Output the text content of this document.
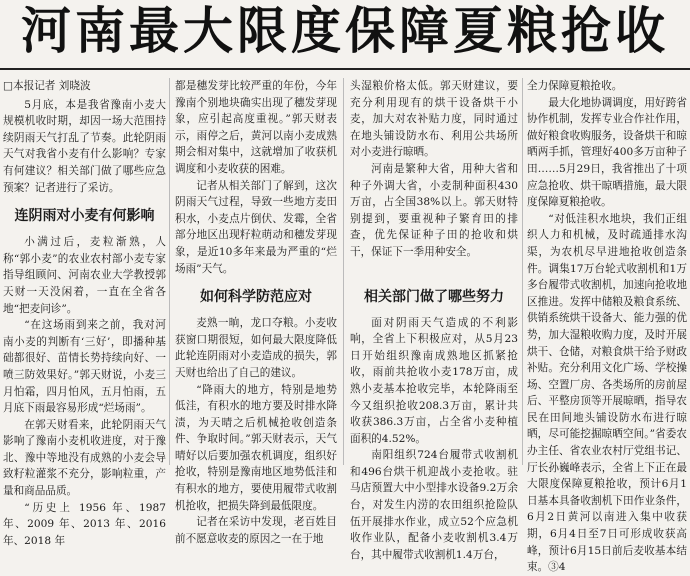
河南最大限度保障夏粮抢收
□本报记者 刘晓波

5月底，本是我省豫南小麦大规模机收时期，却因一场大范围持续阴雨天气打乱了节奏。此轮阴雨天气对我省小麦有什么影响？专家有何建议？相关部门做了哪些应急预案？记者进行了采访。

连阴雨对小麦有何影响

小满过后，麦粒渐熟，人称“郭小麦”的农业农村部小麦专家指导组顾问、河南农业大学教授郭天财一天没闲着，一直在全省各地“把麦问诊”。

“在这场雨到来之前，我对河南小麦的判断有‘三好’，即播种基础都很好、苗情长势持续向好、一喷三防效果好。”郭天财说，小麦三月怕霜，四月怕风，五月怕雨，五月底下雨最容易形成“烂场雨”。

在郭天财看来，此轮阴雨天气影响了豫南小麦机收进度，对于豫北、豫中等地没有成熟的小麦会导致籽粒灌浆不充分，影响粒重，产量和商品品质。

“历史上 1956 年、1987 年、2009 年、2013 年、2016 年、2018 年

都是穗发芽比较严重的年份，今年豫南个别地块确实出现了穗发芽现象，应引起高度重视。”郭天财表示，雨停之后，黄河以南小麦成熟期会相对集中，这就增加了收获机调度和小麦收获的困难。

记者从相关部门了解到，这次阴雨天气过程，导致一些地方麦田积水，小麦点片倒伏、发霉，全省部分地区出现籽粒萌动和穗发芽现象，是近10多年来最为严重的“烂场雨”天气。

如何科学防范应对

麦熟一晌，龙口夺粮。小麦收获窗口期很短，如何最大限度降低此轮连阴雨对小麦造成的损失，郭天财也给出了自己的建议。

“降雨大的地方，特别是地势低洼，有积水的地方要及时排水降渍，为天晴之后机械抢收创造条件、争取时间。”郭天财表示，天气晴好以后要加强农机调度，组织好抢收，特别是豫南地区地势低洼和有积水的地方，要使用履带式收割机抢收，把损失降到最低限度。

记者在采访中发现，老百姓目前不愿意收麦的原因之一在于地

头湿粮价格太低。郭天财建议，要充分利用现有的烘干设备烘干小麦，加大对农补贴力度，同时通过在地头铺设防水布、利用公共场所对小麦进行晾晒。

河南是繁种大省，用种大省和种子外调大省，小麦制种面积430万亩，占全国38%以上。郭天财特别提到，要重视种子繁育田的排查，优先保证种子田的抢收和烘干，保证下一季用种安全。

相关部门做了哪些努力

面对阴雨天气造成的不利影响，全省上下积极应对，从5月23日开始组织豫南成熟地区抓紧抢收，雨前共抢收小麦178万亩，成熟小麦基本抢收完毕，本轮降雨至今又组织抢收208.3万亩，累计共收获386.3万亩，占全省小麦种植面积的4.52%。

南阳组织724台履带式收割机和496台烘干机迎战小麦抢收。驻马店预置大中小型排水设备9.2万余台，对发生内涝的农田组织抢险队伍开展排水作业，成立52个应急机收作业队，配备小麦收割机3.4万台，其中履带式收割机1.4万台，

全力保障夏粮抢收。

最大化地协调调度，用好跨省协作机制，发挥专业合作社作用，做好粮食收购服务，设备烘干和晾晒两手抓，管理好400多万亩种子田……5月29日，我省推出了十项应急抢收、烘干晾晒措施，最大限度保障夏粮抢收。

“对低洼积水地块，我们正组织人力和机械，及时疏通排水沟渠，为农机尽早进地抢收创造条件。调集17万台轮式收割机和1万多台履带式收割机，加速向抢收地区推进。发挥中储粮及粮食系统、供销系统烘干设备大、能力强的优势，加大湿粮收购力度，及时开展烘干、仓储，对粮食烘干给予财政补贴。充分利用文化广场、学校操场、空置厂房、各类场所的房前屋后、平整房顶等开展晾晒，指导农民在田间地头铺设防水布进行晾晒，尽可能挖掘晾晒空间。”省委农办主任、省农业农村厅党组书记、厅长孙巍峰表示，全省上下正在最大限度保障夏粮抢收，预计6月1日基本具备收割机下田作业条件，6月2日黄河以南进入集中收获期，6月4日至7日可形成收获高峰，预计6月15日前后麦收基本结束。③4
